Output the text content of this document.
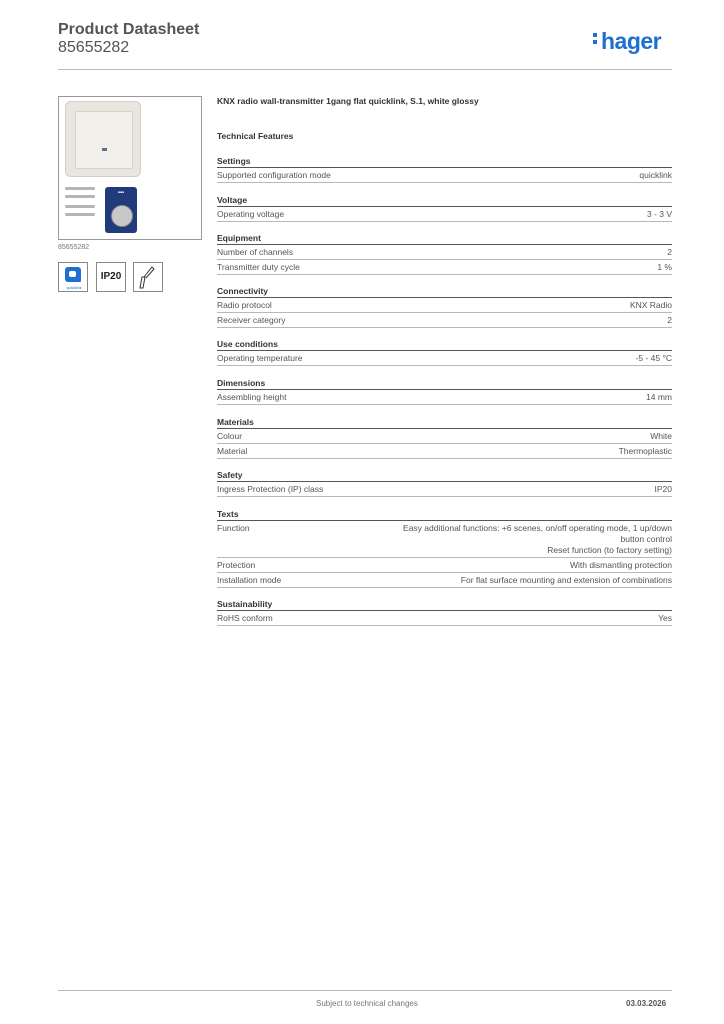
Product Datasheet
85655282	hager
▪▪▪
85655282
quicklink
IP20
KNX radio wall-transmitter 1gang flat quicklink, S.1, white glossy
Technical Features
Settings
Supported configuration mode	quicklink
Voltage
Operating voltage	3 - 3 V
Equipment
Number of channels	2
Transmitter duty cycle	1 %
Connectivity
Radio protocol	KNX Radio
Receiver category	2
Use conditions
Operating temperature	-5 - 45 °C
Dimensions
Assembling height	14 mm
Materials
Colour	White
Material	Thermoplastic
Safety
Ingress Protection (IP) class	IP20
Texts
Function	Easy additional functions: +6 scenes, on/off operating mode, 1 up/down
button control
Reset function (to factory setting)
Protection	With dismantling protection
Installation mode	For flat surface mounting and extension of combinations
Sustainability
RoHS conform	Yes
Subject to technical changes	03.03.2026
